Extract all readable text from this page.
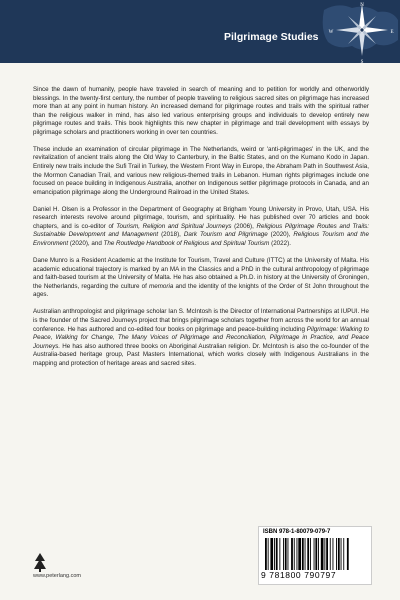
Pilgrimage Studies
N
E
S
W

Since the dawn of humanity, people have traveled in search of meaning and to petition for worldly and otherworldly blessings. In the twenty-first century, the number of people traveling to religious sacred sites on pilgrimage has increased more than at any point in human history. An increased demand for pilgrimage routes and trails with the spiritual rather than the religious walker in mind, has also led various enterprising groups and individuals to develop entirely new pilgrimage routes and trails. This book highlights this new chapter in pilgrimage and trail development with essays by pilgrimage scholars and practitioners working in over ten countries.

These include an examination of circular pilgrimage in The Netherlands, weird or 'anti-pilgrimages' in the UK, and the revitalization of ancient trails along the Old Way to Canterbury, in the Baltic States, and on the Kumano Kodo in Japan. Entirely new trails include the Sufi Trail in Turkey, the Western Front Way in Europe, the Abraham Path in Southwest Asia, the Mormon Canadian Trail, and various new religious-themed trails in Lebanon. Human rights pilgrimages include one focused on peace building in Indigenous Australia, another on Indigenous settler pilgrimage protocols in Canada, and an emancipation pilgrimage along the Underground Railroad in the United States.

Daniel H. Olsen is a Professor in the Department of Geography at Brigham Young University in Provo, Utah, USA. His research interests revolve around pilgrimage, tourism, and spirituality. He has published over 70 articles and book chapters, and is co-editor of Tourism, Religion and Spiritual Journeys (2006), Religious Pilgrimage Routes and Trails: Sustainable Development and Management (2018), Dark Tourism and Pilgrimage (2020), Religious Tourism and the Environment (2020), and The Routledge Handbook of Religious and Spiritual Tourism (2022).

Dane Munro is a Resident Academic at the Institute for Tourism, Travel and Culture (ITTC) at the University of Malta. His academic educational trajectory is marked by an MA in the Classics and a PhD in the cultural anthropology of pilgrimage and faith-based tourism at the University of Malta. He has also obtained a Ph.D. in history at the University of Groningen, the Netherlands, regarding the culture of memoria and the identity of the knights of the Order of St John throughout the ages.

Australian anthropologist and pilgrimage scholar Ian S. McIntosh is the Director of International Partnerships at IUPUI. He is the founder of the Sacred Journeys project that brings pilgrimage scholars together from across the world for an annual conference. He has authored and co-edited four books on pilgrimage and peace-building including Pilgrimage: Walking to Peace, Walking for Change, The Many Voices of Pilgrimage and Reconciliation, Pilgrimage in Practice, and Peace Journeys. He has also authored three books on Aboriginal Australian religion. Dr. McIntosh is also the co-founder of the Australia-based heritage group, Past Masters International, which works closely with Indigenous Australians in the mapping and protection of heritage areas and sacred sites.

www.peterlang.com
ISBN 978-1-80079-079-7
9 781800 790797
